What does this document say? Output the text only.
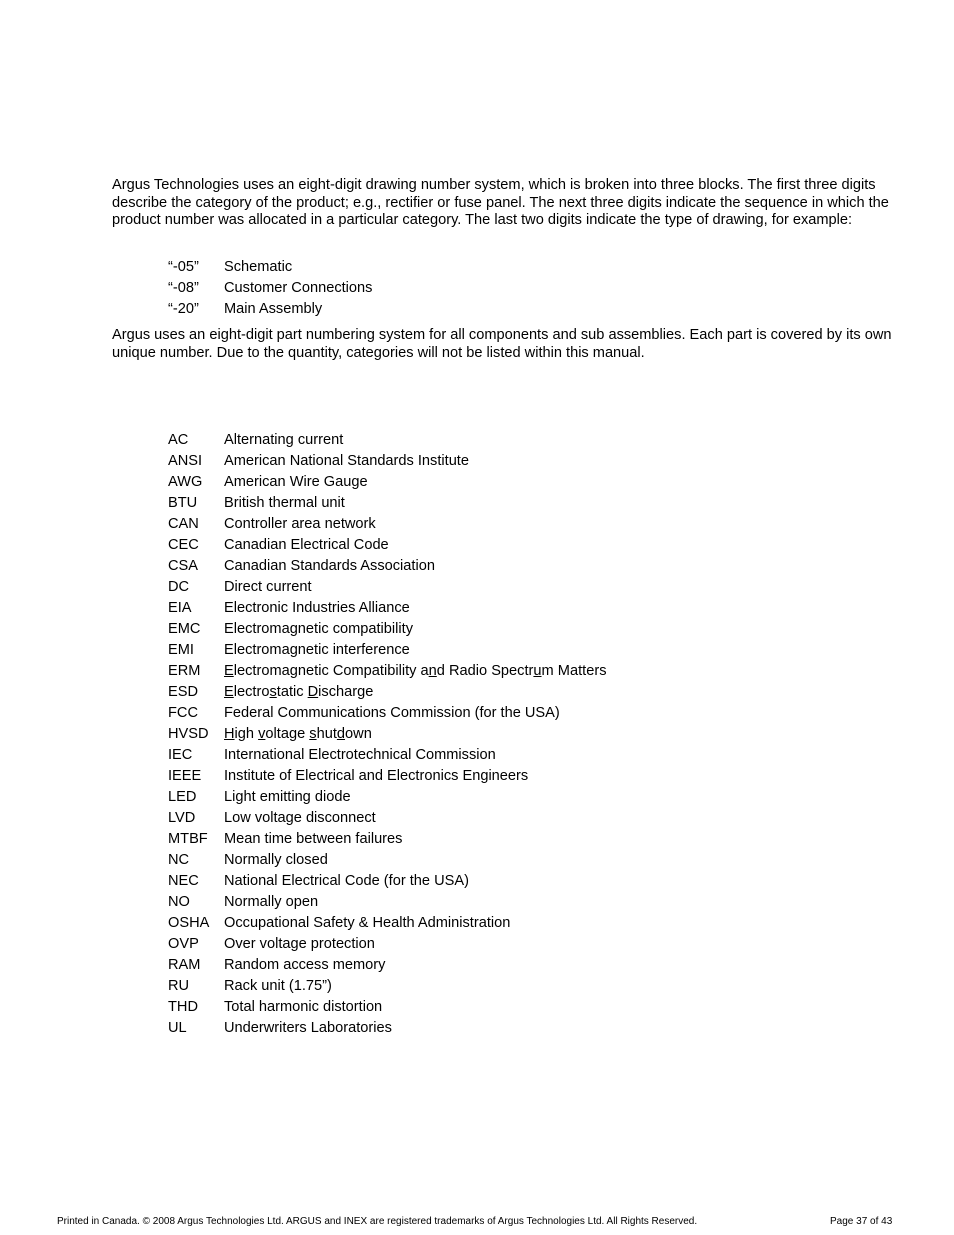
Argus Technologies uses an eight-digit drawing number system, which is broken into three blocks. The first three digits describe the category of the product; e.g., rectifier or fuse panel. The next three digits indicate the sequence in which the product number was allocated in a particular category. The last two digits indicate the type of drawing, for example:

“-05” Schematic
“-08” Customer Connections
“-20” Main Assembly

Argus uses an eight-digit part numbering system for all components and sub assemblies. Each part is covered by its own unique number. Due to the quantity, categories will not be listed within this manual.

AC Alternating current
ANSI American National Standards Institute
AWG American Wire Gauge
BTU British thermal unit
CAN Controller area network
CEC Canadian Electrical Code
CSA Canadian Standards Association
DC Direct current
EIA Electronic Industries Alliance
EMC Electromagnetic compatibility
EMI Electromagnetic interference
ERM Electromagnetic Compatibility and Radio Spectrum Matters
ESD Electrostatic Discharge
FCC Federal Communications Commission (for the USA)
HVSD High voltage shutdown
IEC International Electrotechnical Commission
IEEE Institute of Electrical and Electronics Engineers
LED Light emitting diode
LVD Low voltage disconnect
MTBF Mean time between failures
NC Normally closed
NEC National Electrical Code (for the USA)
NO Normally open
OSHA Occupational Safety & Health Administration
OVP Over voltage protection
RAM Random access memory
RU Rack unit (1.75”)
THD Total harmonic distortion
UL	Underwriters Laboratories
Printed in Canada. © 2008 Argus Technologies Ltd. ARGUS and INEX are registered trademarks of Argus Technologies Ltd. All Rights Reserved.	Page 37 of 43
